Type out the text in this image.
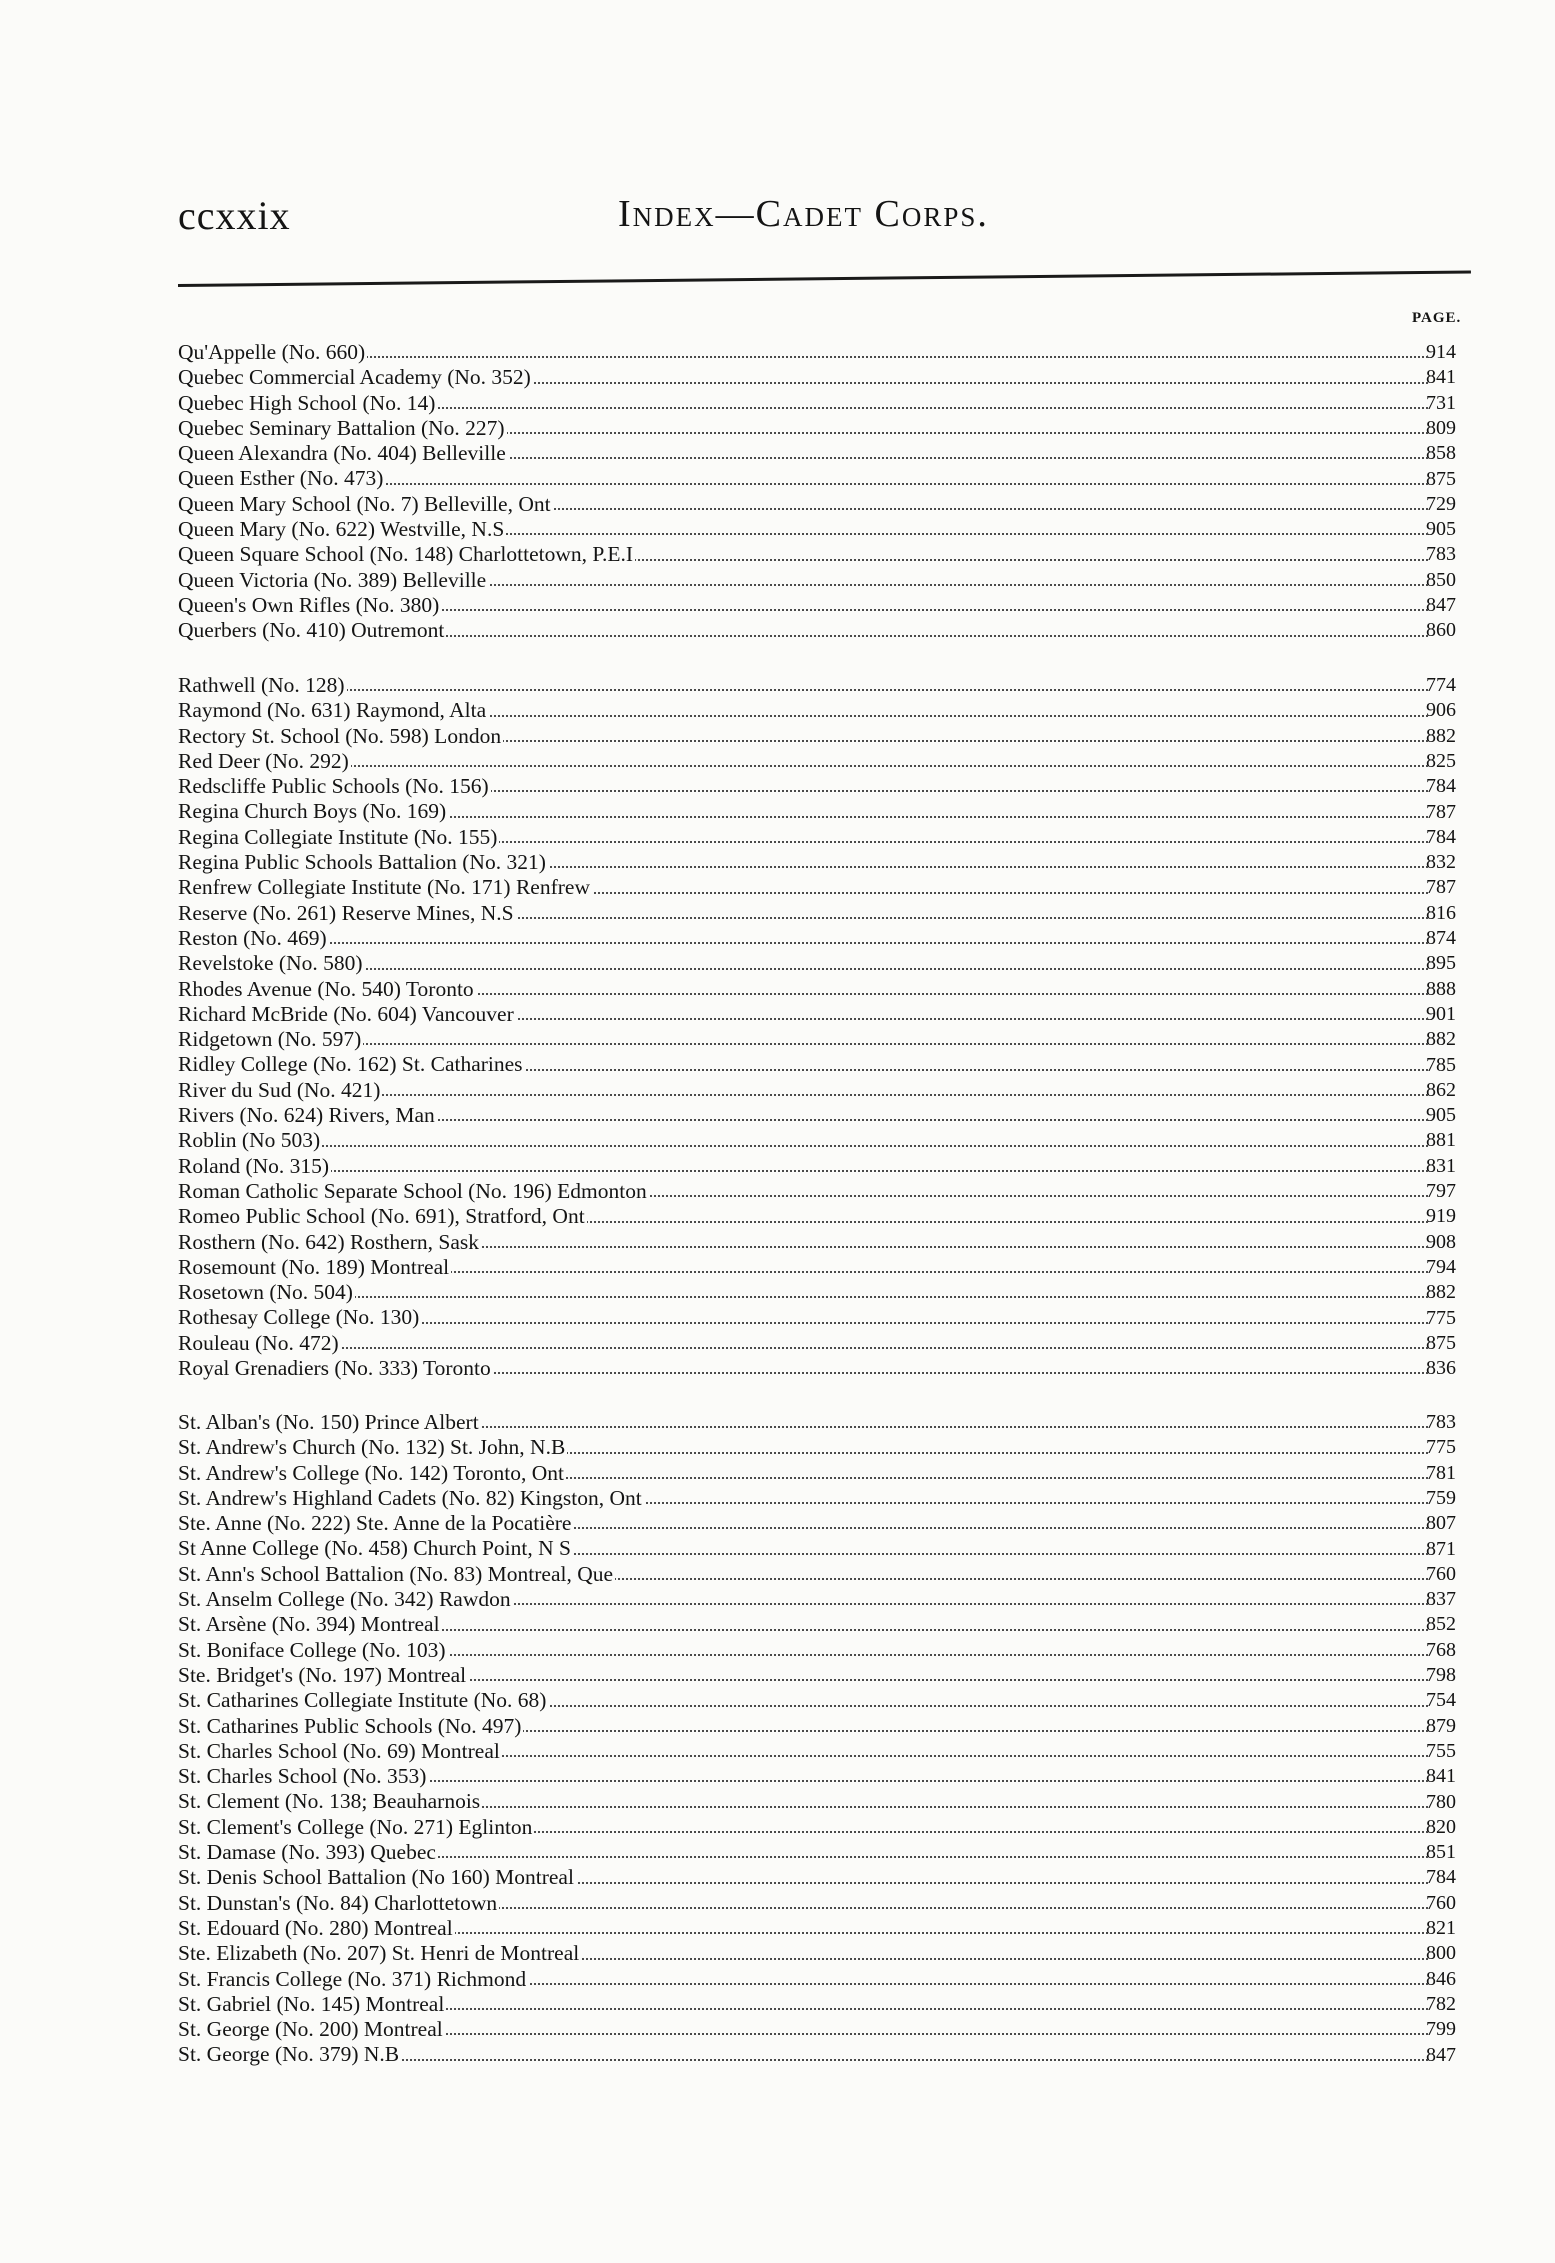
ccxxix	Index—Cadet Corps.
PAGE.
Qu'Appelle (No. 660)
Quebec Commercial Academy (No. 352)
Quebec High School (No. 14)
Quebec Seminary Battalion (No. 227)
Queen Alexandra (No. 404) Belleville
Queen Esther (No. 473)
Queen Mary School (No. 7) Belleville, Ont
Queen Mary (No. 622) Westville, N.S
Queen Square School (No. 148) Charlottetown, P.E.I
Queen Victoria (No. 389) Belleville
Queen's Own Rifles (No. 380)
Querbers (No. 410) Outremont
Rathwell (No. 128)
Raymond (No. 631) Raymond, Alta
Rectory St. School (No. 598) London
Red Deer (No. 292)
Redscliffe Public Schools (No. 156)
Regina Church Boys (No. 169)
Regina Collegiate Institute (No. 155)
Regina Public Schools Battalion (No. 321)
Renfrew Collegiate Institute (No. 171) Renfrew
Reserve (No. 261) Reserve Mines, N.S
Reston (No. 469)
Revelstoke (No. 580)
Rhodes Avenue (No. 540) Toronto
Richard McBride (No. 604) Vancouver
Ridgetown (No. 597)
Ridley College (No. 162) St. Catharines
River du Sud (No. 421)
Rivers (No. 624) Rivers, Man
Roblin (No 503)
Roland (No. 315)
Roman Catholic Separate School (No. 196) Edmonton
Romeo Public School (No. 691), Stratford, Ont
Rosthern (No. 642) Rosthern, Sask
Rosemount (No. 189) Montreal
Rosetown (No. 504)
Rothesay College (No. 130)
Rouleau (No. 472)
Royal Grenadiers (No. 333) Toronto
St. Alban's (No. 150) Prince Albert
St. Andrew's Church (No. 132) St. John, N.B
St. Andrew's College (No. 142) Toronto, Ont
St. Andrew's Highland Cadets (No. 82) Kingston, Ont
Ste. Anne (No. 222) Ste. Anne de la Pocatière
St Anne College (No. 458) Church Point, N S
St. Ann's School Battalion (No. 83) Montreal, Que
St. Anselm College (No. 342) Rawdon
St. Arsène (No. 394) Montreal
St. Boniface College (No. 103)
Ste. Bridget's (No. 197) Montreal
St. Catharines Collegiate Institute (No. 68)
St. Catharines Public Schools (No. 497)
St. Charles School (No. 69) Montreal
St. Charles School (No. 353)
St. Clement (No. 138; Beauharnois
St. Clement's College (No. 271) Eglinton
St. Damase (No. 393) Quebec
St. Denis School Battalion (No 160) Montreal
St. Dunstan's (No. 84) Charlottetown
St. Edouard (No. 280) Montreal
Ste. Elizabeth (No. 207) St. Henri de Montreal
St. Francis College (No. 371) Richmond
St. Gabriel (No. 145) Montreal
St. George (No. 200) Montreal
St. George (No. 379) N.B
914
841
731
809
858
875
729
905
783
850
847
860
774
906
882
825
784
787
784
832
787
816
874
895
888
901
882
785
862
905
881
831
797
919
908
794
882
775
875
836
783
775
781
759
807
871
760
837
852
768
798
754
879
755
841
780
820
851
784
760
821
800
846
782
799
847
